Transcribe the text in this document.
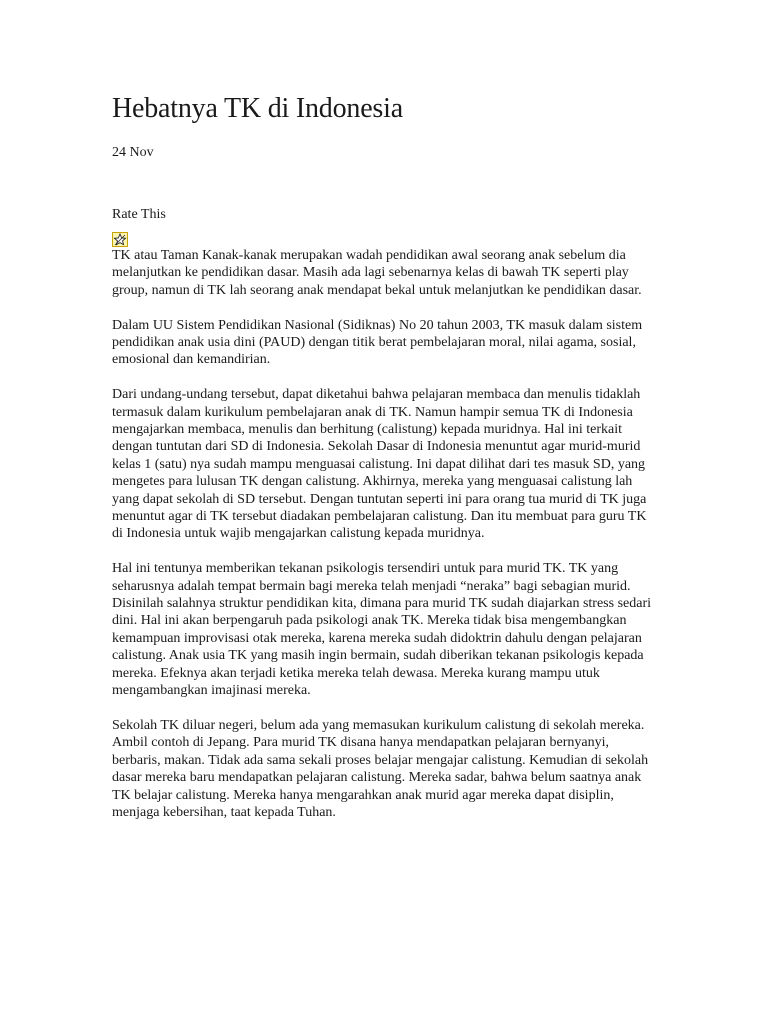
Hebatnya TK di Indonesia
24 Nov
Rate This

TK atau Taman Kanak-kanak merupakan wadah pendidikan awal seorang anak sebelum dia melanjutkan ke pendidikan dasar. Masih ada lagi sebenarnya kelas di bawah TK seperti play group, namun di TK lah seorang anak mendapat bekal untuk melanjutkan ke pendidikan dasar.

Dalam UU Sistem Pendidikan Nasional (Sidiknas) No 20 tahun 2003, TK masuk dalam sistem pendidikan anak usia dini (PAUD) dengan titik berat pembelajaran moral, nilai agama, sosial, emosional dan kemandirian.

Dari undang-undang tersebut, dapat diketahui bahwa pelajaran membaca dan menulis tidaklah termasuk dalam kurikulum pembelajaran anak di TK. Namun hampir semua TK di Indonesia mengajarkan membaca, menulis dan berhitung (calistung) kepada muridnya. Hal ini terkait dengan tuntutan dari SD di Indonesia. Sekolah Dasar di Indonesia menuntut agar murid-murid kelas 1 (satu) nya sudah mampu menguasai calistung. Ini dapat dilihat dari tes masuk SD, yang mengetes para lulusan TK dengan calistung. Akhirnya, mereka yang menguasai calistung lah yang dapat sekolah di SD tersebut. Dengan tuntutan seperti ini para orang tua murid di TK juga menuntut agar di TK tersebut diadakan pembelajaran calistung. Dan itu membuat para guru TK di Indonesia untuk wajib mengajarkan calistung kepada muridnya.

Hal ini tentunya memberikan tekanan psikologis tersendiri untuk para murid TK. TK yang seharusnya adalah tempat bermain bagi mereka telah menjadi “neraka” bagi sebagian murid. Disinilah salahnya struktur pendidikan kita, dimana para murid TK sudah diajarkan stress sedari dini. Hal ini akan berpengaruh pada psikologi anak TK. Mereka tidak bisa mengembangkan kemampuan improvisasi otak mereka, karena mereka sudah didoktrin dahulu dengan pelajaran calistung. Anak usia TK yang masih ingin bermain, sudah diberikan tekanan psikologis kepada mereka. Efeknya akan terjadi ketika mereka telah dewasa. Mereka kurang mampu utuk mengambangkan imajinasi mereka.

Sekolah TK diluar negeri, belum ada yang memasukan kurikulum calistung di sekolah mereka. Ambil contoh di Jepang. Para murid TK disana hanya mendapatkan pelajaran bernyanyi, berbaris, makan. Tidak ada sama sekali proses belajar mengajar calistung. Kemudian di sekolah dasar mereka baru mendapatkan pelajaran calistung. Mereka sadar, bahwa belum saatnya anak TK belajar calistung. Mereka hanya mengarahkan anak murid agar mereka dapat disiplin, menjaga kebersihan, taat kepada Tuhan.
